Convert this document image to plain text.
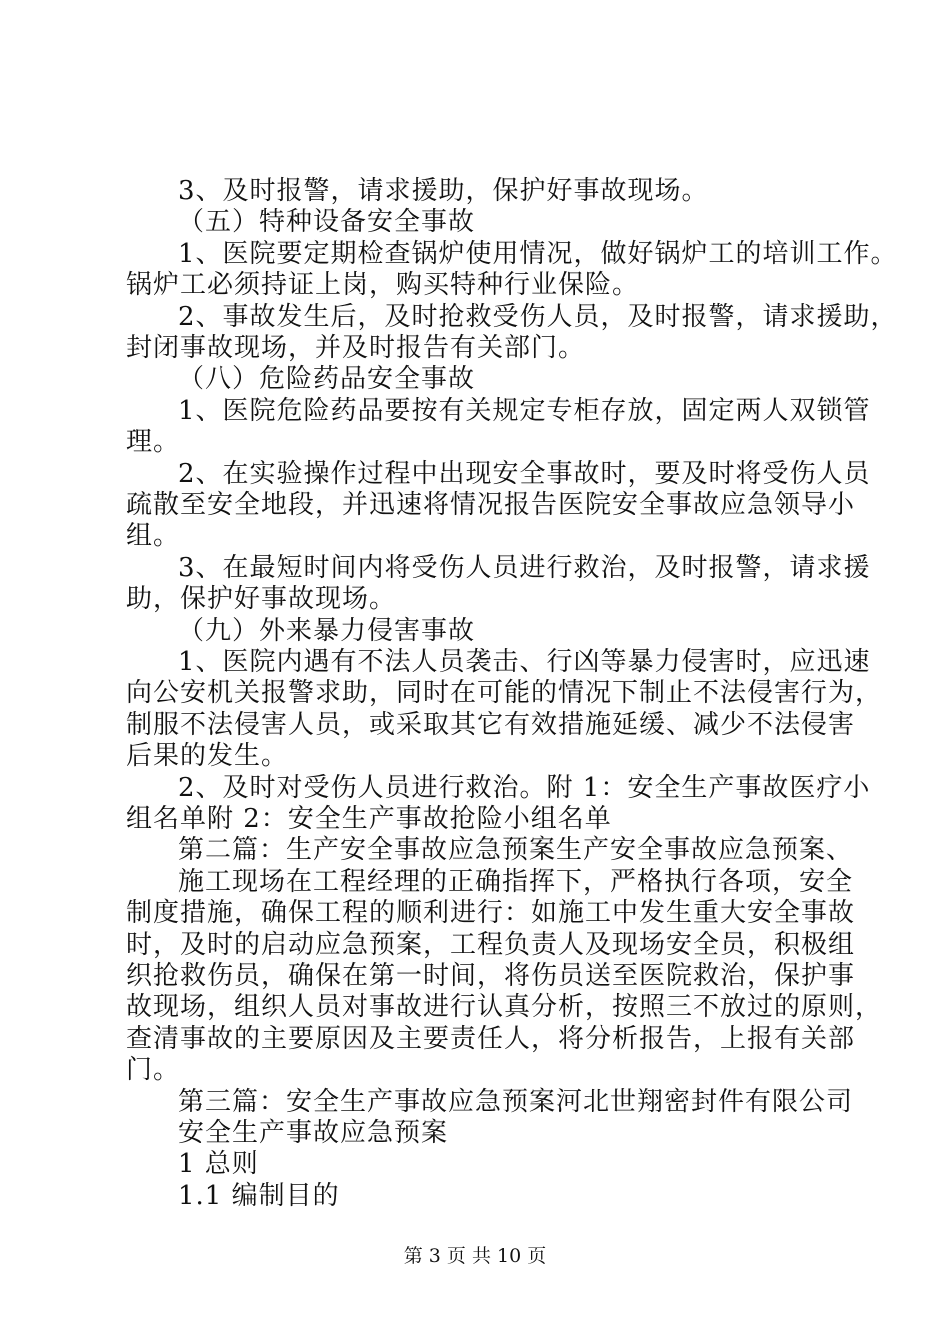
3、及时报警，请求援助，保护好事故现场。
（五）特种设备安全事故
1、医院要定期检查锅炉使用情况，做好锅炉工的培训工作。
锅炉工必须持证上岗，购买特种行业保险。
2、事故发生后，及时抢救受伤人员，及时报警，请求援助，
封闭事故现场，并及时报告有关部门。
（八）危险药品安全事故
1、医院危险药品要按有关规定专柜存放，固定两人双锁管
理。
2、在实验操作过程中出现安全事故时，要及时将受伤人员
疏散至安全地段，并迅速将情况报告医院安全事故应急领导小
组。
3、在最短时间内将受伤人员进行救治，及时报警，请求援
助，保护好事故现场。
（九）外来暴力侵害事故
1、医院内遇有不法人员袭击、行凶等暴力侵害时，应迅速
向公安机关报警求助，同时在可能的情况下制止不法侵害行为，
制服不法侵害人员，或采取其它有效措施延缓、减少不法侵害
后果的发生。
2、及时对受伤人员进行救治。附 1：安全生产事故医疗小
组名单附 2：安全生产事故抢险小组名单
第二篇：生产安全事故应急预案生产安全事故应急预案、
施工现场在工程经理的正确指挥下，严格执行各项，安全
制度措施，确保工程的顺利进行：如施工中发生重大安全事故
时，及时的启动应急预案，工程负责人及现场安全员，积极组
织抢救伤员，确保在第一时间，将伤员送至医院救治，保护事
故现场，组织人员对事故进行认真分析，按照三不放过的原则，
查清事故的主要原因及主要责任人，将分析报告，上报有关部
门。
第三篇：安全生产事故应急预案河北世翔密封件有限公司
安全生产事故应急预案
1 总则
1.1 编制目的
第 3 页 共 10 页
